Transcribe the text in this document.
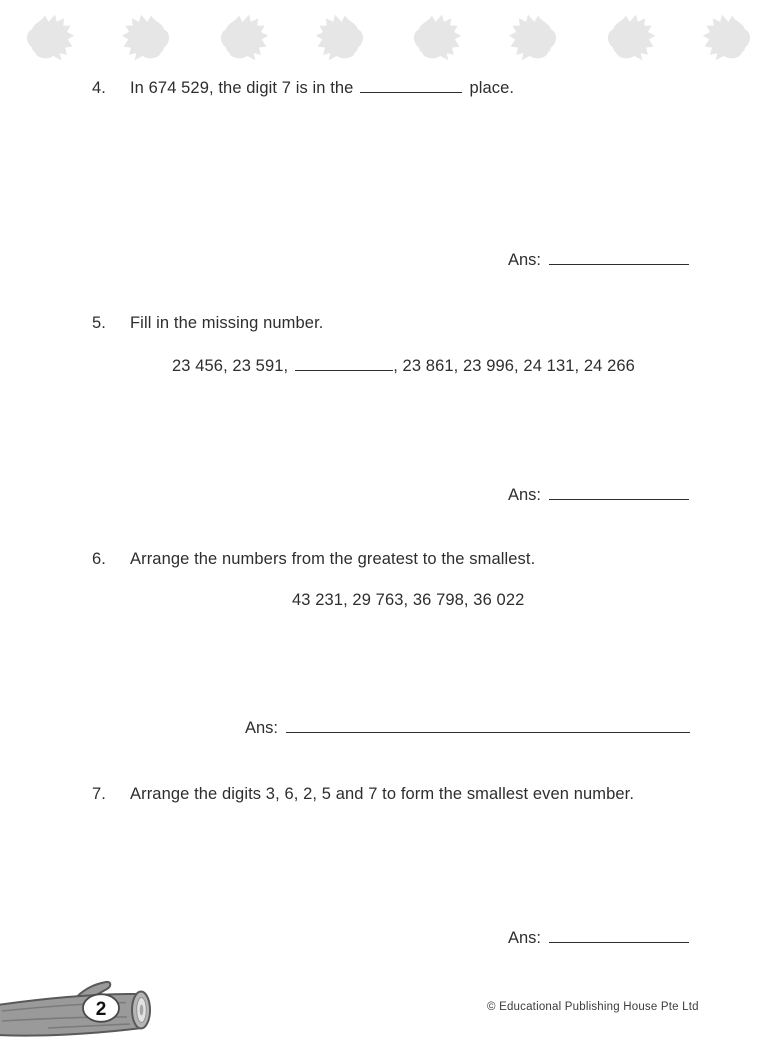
4.	In 674 529, the digit 7 is in the	place.
Ans:
5.	Fill in the missing number.
23 456, 23 591,	, 23 861, 23 996, 24 131, 24 266
Ans:
6.	Arrange the numbers from the greatest to the smallest.
43 231, 29 763, 36 798, 36 022
Ans:
7.	Arrange the digits 3, 6, 2, 5 and 7 to form the smallest even number.
Ans:
2	© Educational Publishing House Pte Ltd
